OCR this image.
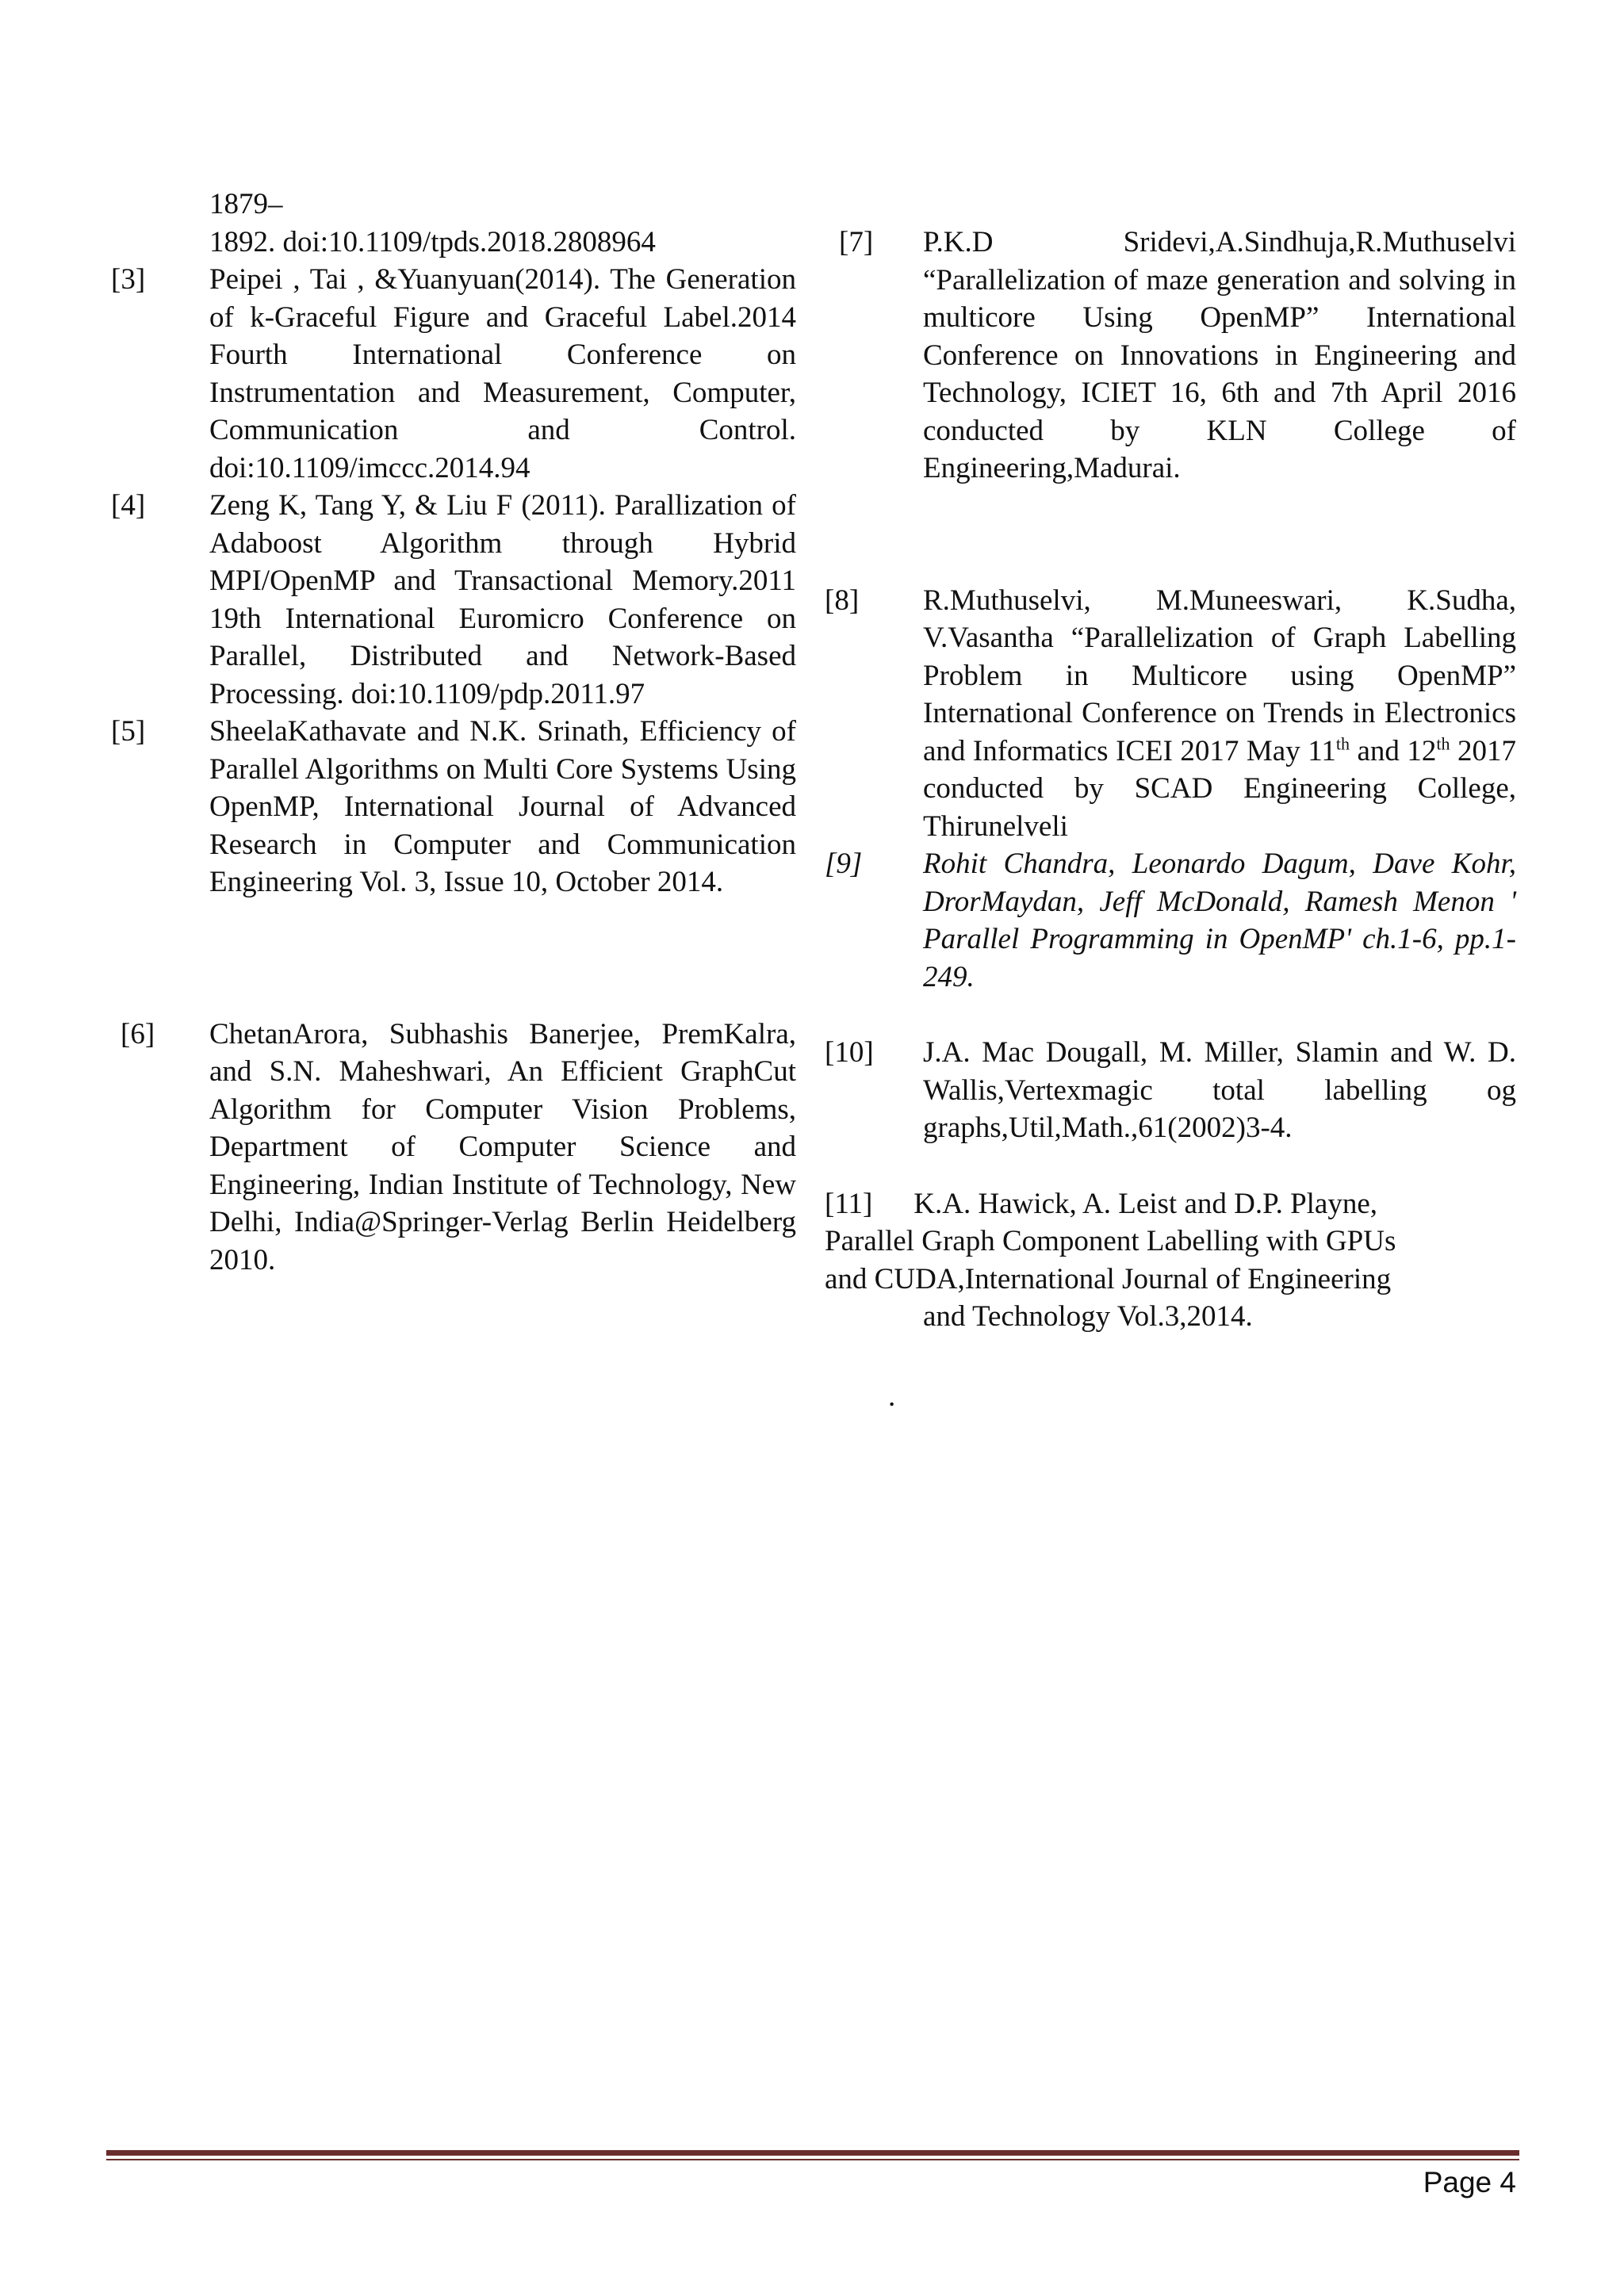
1879–
1892. doi:10.1109/tpds.2018.2808964
[3] Peipei , Tai , &Yuanyuan(2014). The Generation of k-Graceful Figure and Graceful Label.2014 Fourth International Conference on Instrumentation and Measurement, Computer, Communication and Control. doi:10.1109/imccc.2014.94
[4] Zeng K, Tang Y, & Liu F (2011). Parallization of Adaboost Algorithm through Hybrid MPI/OpenMP and Transactional Memory.2011 19th International Euromicro Conference on Parallel, Distributed and Network-Based Processing. doi:10.1109/pdp.2011.97
[5] SheelaKathavate and N.K. Srinath, Efficiency of Parallel Algorithms on Multi Core Systems Using OpenMP, International Journal of Advanced Research in Computer and Communication Engineering Vol. 3, Issue 10, October 2014.
[6] ChetanArora, Subhashis Banerjee, PremKalra, and S.N. Maheshwari, An Efficient GraphCut Algorithm for Computer Vision Problems, Department of Computer Science and Engineering, Indian Institute of Technology, New Delhi, India@Springer-Verlag Berlin Heidelberg 2010.
[7] P.K.D Sridevi,A.Sindhuja,R.Muthuselvi “Parallelization of maze generation and solving in multicore Using OpenMP” International Conference on Innovations in Engineering and Technology, ICIET 16, 6th and 7th April 2016 conducted by KLN College of Engineering,Madurai.
[8] R.Muthuselvi, M.Muneeswari, K.Sudha, V.Vasantha “Parallelization of Graph Labelling Problem in Multicore using OpenMP” International Conference on Trends in Electronics and Informatics ICEI 2017 May 11th and 12th 2017 conducted by SCAD Engineering College, Thirunelveli
[9] Rohit Chandra, Leonardo Dagum, Dave Kohr, DrorMaydan, Jeff McDonald, Ramesh Menon ' Parallel Programming in OpenMP' ch.1-6, pp.1-249.
[10] J.A. Mac Dougall, M. Miller, Slamin and W. D. Wallis,Vertexmagic total labelling og graphs,Util,Math.,61(2002)3-4.
[11] K.A. Hawick, A. Leist and D.P. Playne,
Parallel Graph Component Labelling with GPUs
and CUDA,International Journal of Engineering
and Technology Vol.3,2014.
.
Page 4
